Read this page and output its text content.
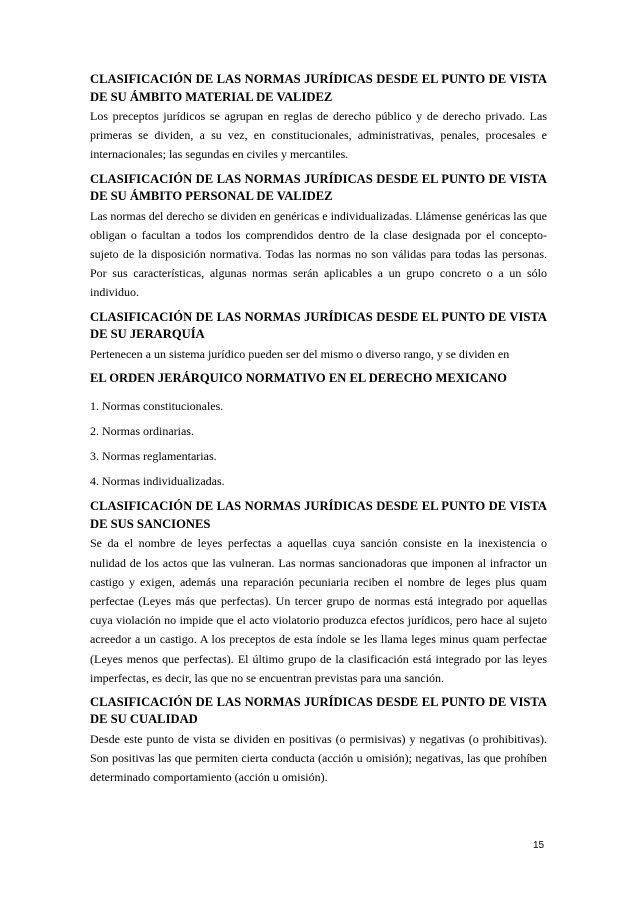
CLASIFICACIÓN DE LAS NORMAS JURÍDICAS DESDE EL PUNTO DE VISTA DE SU ÁMBITO MATERIAL DE VALIDEZ

Los preceptos jurídicos se agrupan en reglas de derecho público y de derecho privado. Las primeras se dividen, a su vez, en constitucionales, administrativas, penales, procesales e internacionales; las segundas en civiles y mercantiles.

CLASIFICACIÓN DE LAS NORMAS JURÍDICAS DESDE EL PUNTO DE VISTA DE SU ÁMBITO PERSONAL DE VALIDEZ

Las normas del derecho se dividen en genéricas e individualizadas. Llámense genéricas las que obligan o facultan a todos los comprendidos dentro de la clase designada por el concepto-sujeto de la disposición normativa. Todas las normas no son válidas para todas las personas. Por sus características, algunas normas serán aplicables a un grupo concreto o a un sólo individuo.

CLASIFICACIÓN DE LAS NORMAS JURÍDICAS DESDE EL PUNTO DE VISTA DE SU JERARQUÍA

Pertenecen a un sistema jurídico pueden ser del mismo o diverso rango, y se dividen en

EL ORDEN JERÁRQUICO NORMATIVO EN EL DERECHO MEXICANO

1. Normas constitucionales.

2. Normas ordinarias.

3. Normas reglamentarias.

4. Normas individualizadas.

CLASIFICACIÓN DE LAS NORMAS JURÍDICAS DESDE EL PUNTO DE VISTA DE SUS SANCIONES

Se da el nombre de leyes perfectas a aquellas cuya sanción consiste en la inexistencia o nulidad de los actos que las vulneran. Las normas sancionadoras que imponen al infractor un castigo y exigen, además una reparación pecuniaria reciben el nombre de leges plus quam perfectae (Leyes más que perfectas). Un tercer grupo de normas está integrado por aquellas cuya violación no impide que el acto violatorio produzca efectos jurídicos, pero hace al sujeto acreedor a un castigo. A los preceptos de esta índole se les llama leges minus quam perfectae (Leyes menos que perfectas). El último grupo de la clasificación está integrado por las leyes imperfectas, es decir, las que no se encuentran previstas para una sanción.

CLASIFICACIÓN DE LAS NORMAS JURÍDICAS DESDE EL PUNTO DE VISTA DE SU CUALIDAD

Desde este punto de vista se dividen en positivas (o permisivas) y negativas (o prohibitivas). Son positivas las que permiten cierta conducta (acción u omisión); negativas, las que prohíben determinado comportamiento (acción u omisión).

15
